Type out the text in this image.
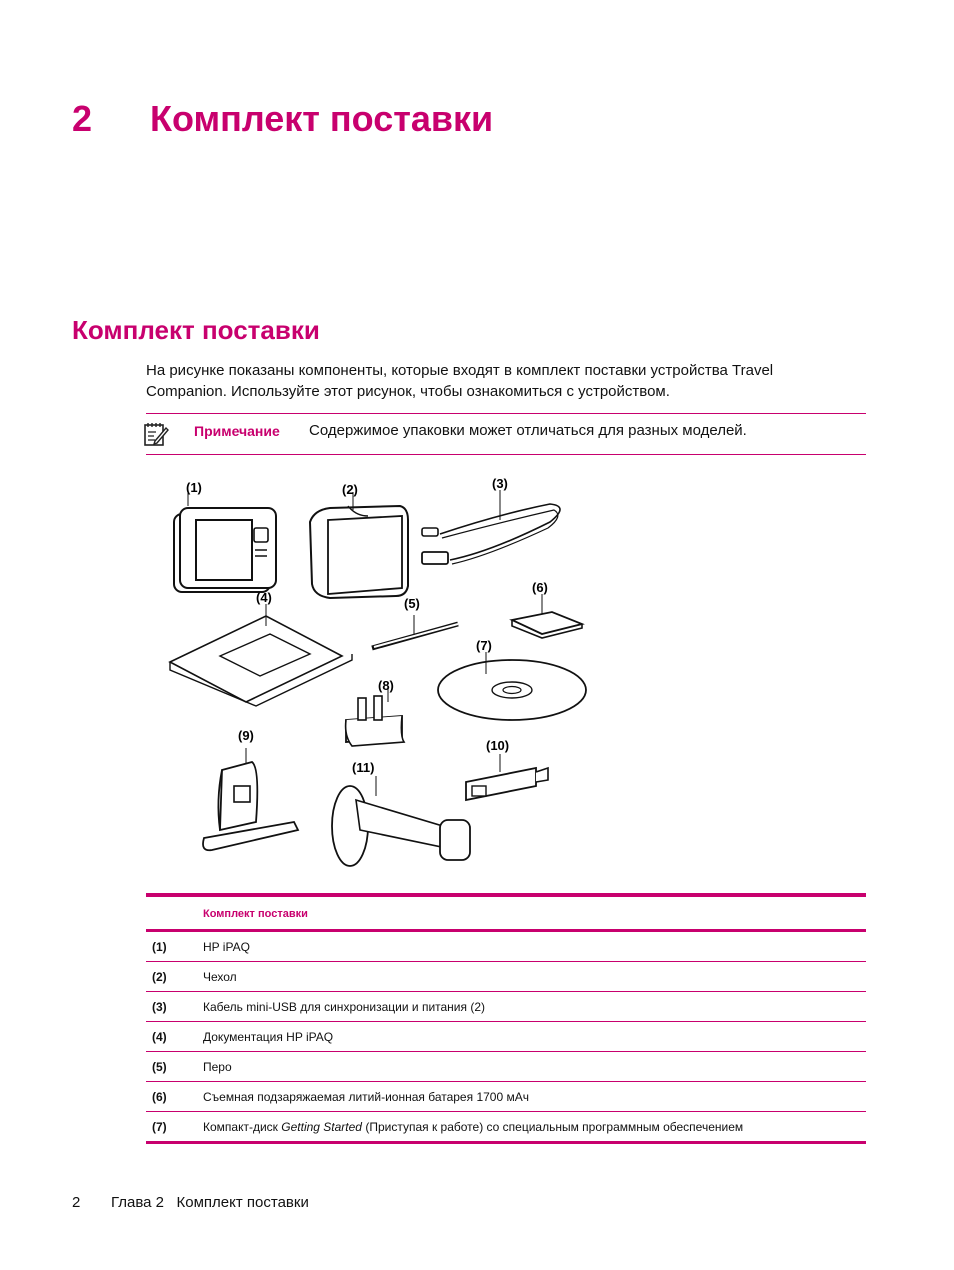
2 Комплект поставки
Комплект поставки

На рисунке показаны компоненты, которые входят в комплект поставки устройства Travel Companion. Используйте этот рисунок, чтобы ознакомиться с устройством.

Примечание Содержимое упаковки может отличаться для разных моделей.
(1)	(2)	(3)
(4)	(5)
(6)
(7)
(8)
(9)
(10)
(11)
Комплект поставки
(1)	HP iPAQ
(2)	Чехол
(3)	Кабель mini-USB для синхронизации и питания (2)
(4)	Документация HP iPAQ
(5)	Перо
(6)	Съемная подзаряжаемая литий-ионная батарея 1700 мАч
(7)	Компакт-диск Getting Started (Приступая к работе) со специальным программным обеспечением
2 Глава 2   Комплект поставки
